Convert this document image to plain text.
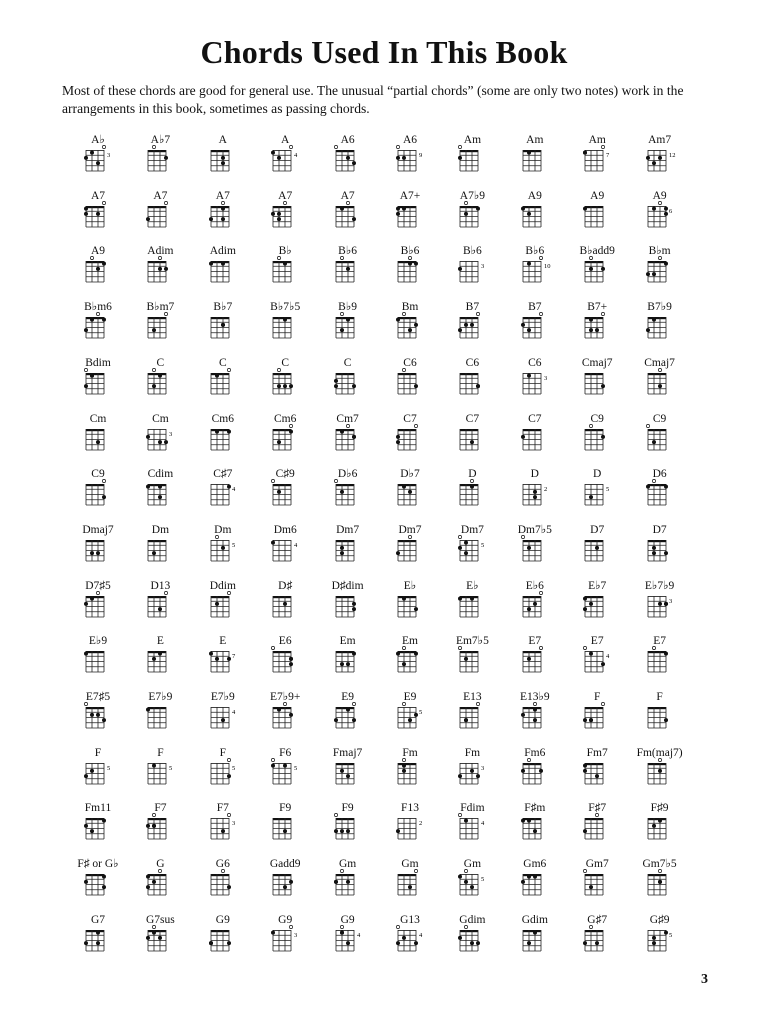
Chords Used In This Book
Most of these chords are good for general use. The unusual “partial chords” (some are only two notes) work in the arrangements in this book, sometimes as passing chords.
A♭
3
A♭7	A	A
4
A6	A6
9
Am	Am	Am
7
Am7
12
A7	A7	A7	A7	A7	A7+	A7♭9	A9	A9	A9
6
A9	Adim	Adim	B♭	B♭6	B♭6	B♭6
3
B♭6
10
B♭add9	B♭m
B♭m6	B♭m7	B♭7	B♭7♭5	B♭9	Bm	B7	B7	B7+	B7♭9
Bdim	C	C	C	C	C6	C6	C6
3
Cmaj7	Cmaj7
Cm	Cm
3
Cm6	Cm6	Cm7	C7	C7	C7	C9	C9
C9	Cdim	C♯7
4
C♯9	D♭6	D♭7	D	D
2
D
5
D6
Dmaj7	Dm	Dm
5
Dm6
4
Dm7	Dm7	Dm7
5
Dm7♭5	D7	D7
D7♯5	D13	Ddim	D♯	D♯dim	E♭	E♭	E♭6	E♭7	E♭7♭9
3
E♭9	E	E
7
E6	Em	Em	Em7♭5	E7	E7
4
E7
E7♯5	E7♭9	E7♭9
4
E7♭9+	E9	E9
5
E13	E13♭9	F	F
F
5
F
5
F
5
F6
5
Fmaj7	Fm	Fm
3
Fm6	Fm7	Fm(maj7)
Fm11	F7	F7
3
F9	F9	F13
2
Fdim
4
F♯m	F♯7	F♯9
F♯ or G♭	G	G6	Gadd9	Gm	Gm	Gm
5
Gm6	Gm7	Gm7♭5
G7	G7sus	G9	G9
3
G9
4
G13
4
Gdim	Gdim	G♯7	G♯9
5
3
